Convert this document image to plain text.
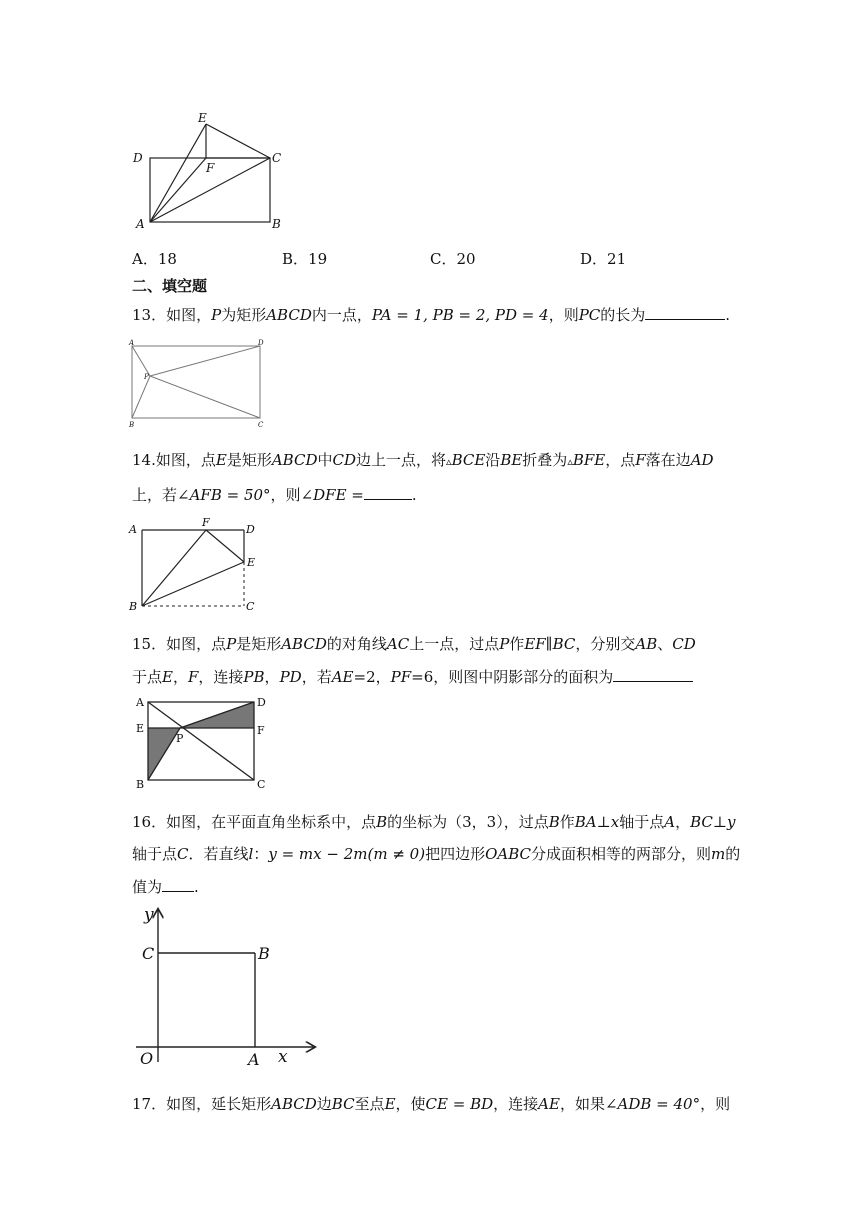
E
D	C
F
A	B
A．18	B．19	C．20	D．21
二、填空题
13．如图，P为矩形ABCD内一点，PA = 1, PB = 2, PD = 4，则PC的长为	.
A	D
P
B	C
14.如图，点E是矩形ABCD中CD边上一点，将▵BCE沿BE折叠为▵BFE，点F落在边AD
上，若∠AFB = 50°，则∠DFE =	.
A
F
D
E
B	C
15．如图，点P是矩形ABCD的对角线AC上一点，过点P作EF∥BC，分别交AB、CD
于点E，F，连接PB，PD，若AE=2，PF=6，则图中阴影部分的面积为
A	D
E
P
F
B	C
16．如图，在平面直角坐标系中，点B的坐标为（3，3），过点B作BA⊥x轴于点A，BC⊥y
轴于点C．若直线l：y = mx − 2m(m ≠ 0)把四边形OABC分成面积相等的两部分，则m的
值为 .
y
C	B
O	A x
17．如图，延长矩形ABCD边BC至点E，使CE = BD，连接AE，如果∠ADB = 40°，则
